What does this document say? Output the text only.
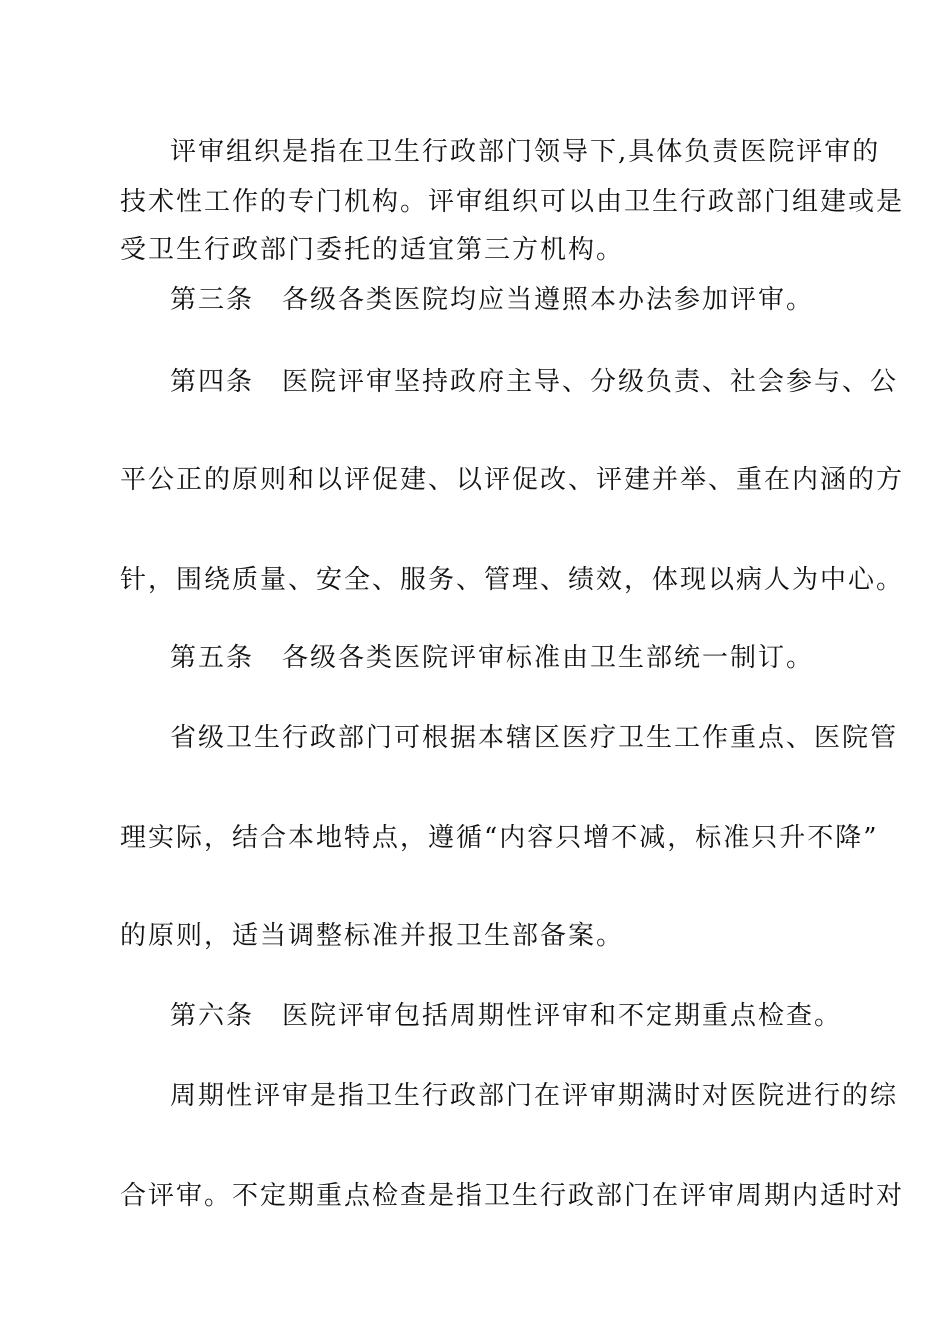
评审组织是指在卫生行政部门领导下,具体负责医院评审的
技术性工作的专门机构。评审组织可以由卫生行政部门组建或是
受卫生行政部门委托的适宜第三方机构。
第三条　各级各类医院均应当遵照本办法参加评审。
第四条　医院评审坚持政府主导、分级负责、社会参与、公
平公正的原则和以评促建、以评促改、评建并举、重在内涵的方
针，围绕质量、安全、服务、管理、绩效，体现以病人为中心。
第五条　各级各类医院评审标准由卫生部统一制订。
省级卫生行政部门可根据本辖区医疗卫生工作重点、医院管
理实际，结合本地特点，遵循“内容只增不减，标准只升不降”
的原则，适当调整标准并报卫生部备案。
第六条　医院评审包括周期性评审和不定期重点检查。
周期性评审是指卫生行政部门在评审期满时对医院进行的综
合评审。不定期重点检查是指卫生行政部门在评审周期内适时对
